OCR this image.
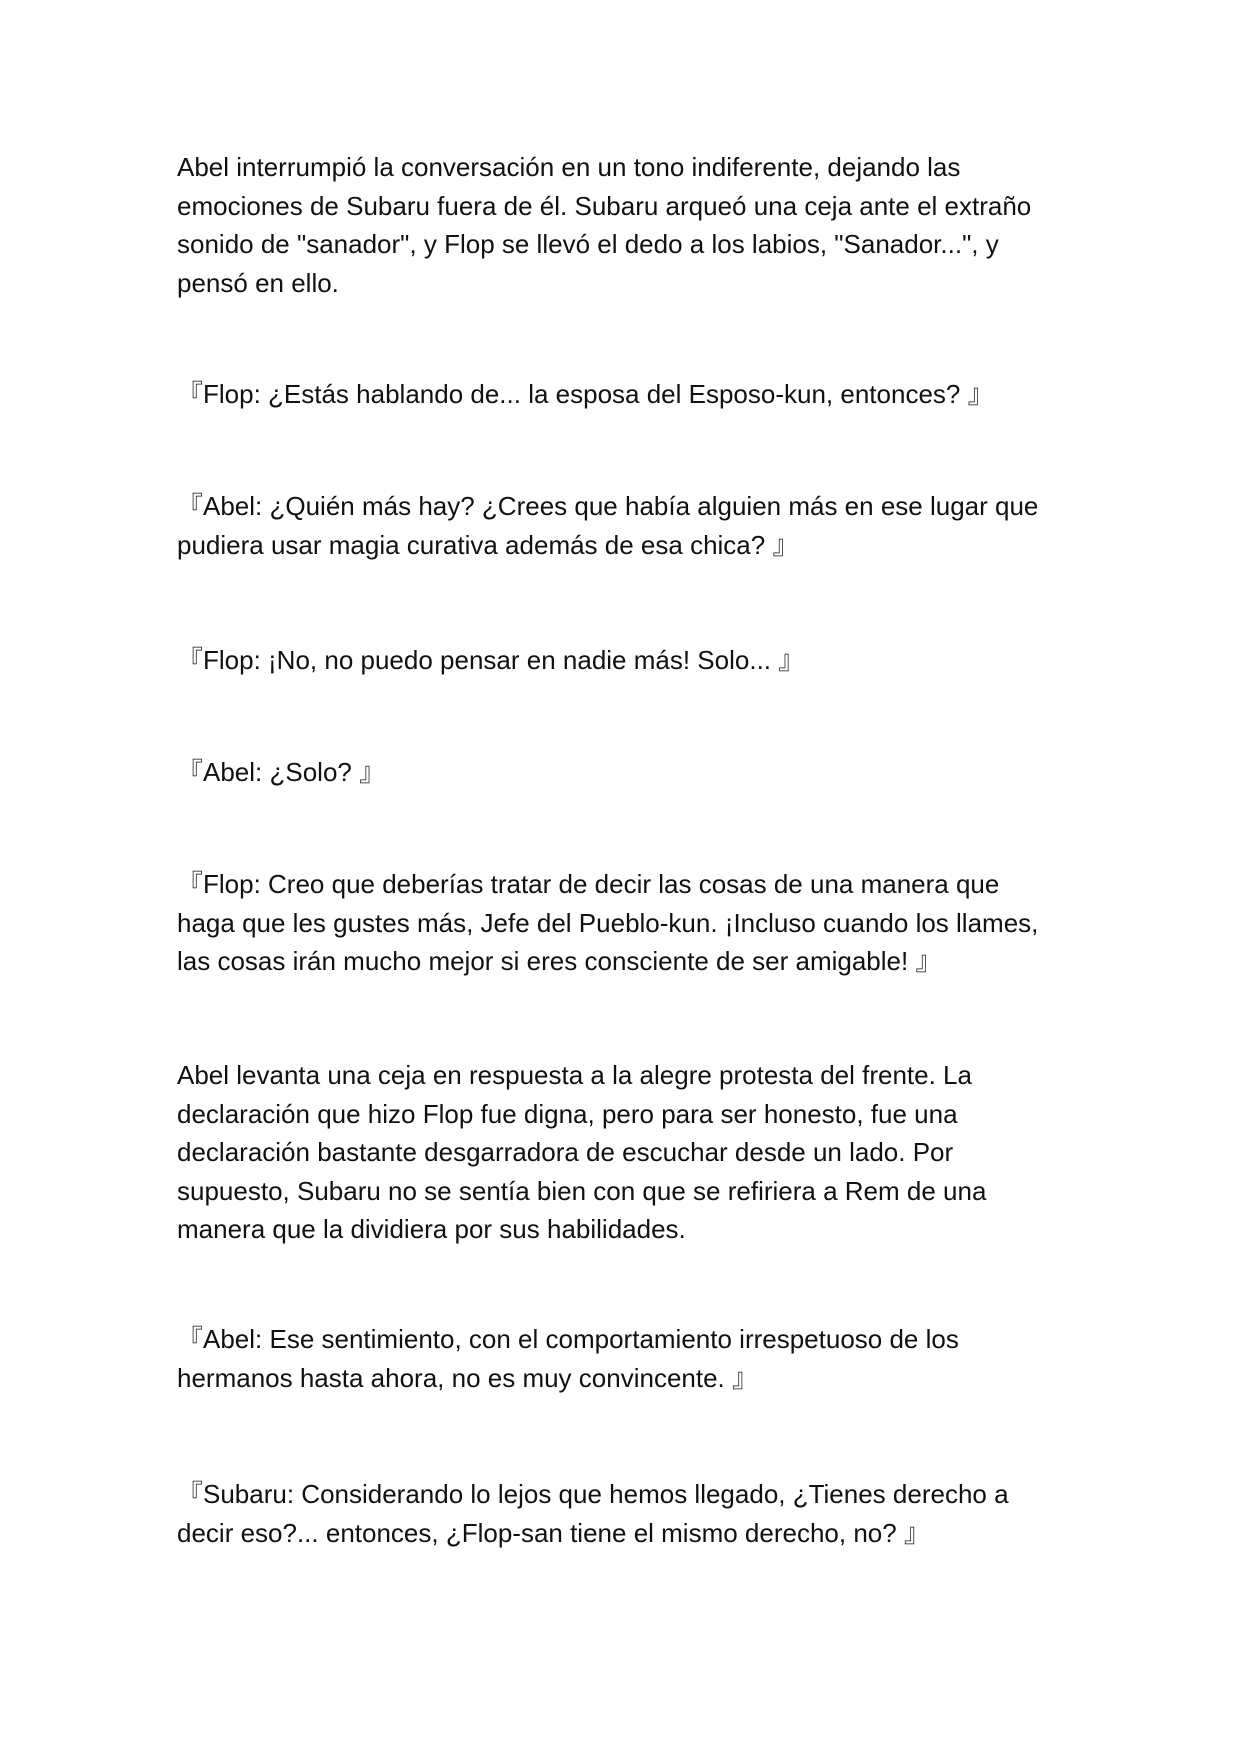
Abel interrumpió la conversación en un tono indiferente, dejando las
emociones de Subaru fuera de él. Subaru arqueó una ceja ante el extraño
sonido de "sanador", y Flop se llevó el dedo a los labios, "Sanador...", y
pensó en ello.

『Flop: ¿Estás hablando de... la esposa del Esposo-kun, entonces? 』

『Abel: ¿Quién más hay? ¿Crees que había alguien más en ese lugar que
pudiera usar magia curativa además de esa chica? 』

『Flop: ¡No, no puedo pensar en nadie más! Solo... 』

『Abel: ¿Solo? 』

『Flop: Creo que deberías tratar de decir las cosas de una manera que
haga que les gustes más, Jefe del Pueblo-kun. ¡Incluso cuando los llames,
las cosas irán mucho mejor si eres consciente de ser amigable! 』

Abel levanta una ceja en respuesta a la alegre protesta del frente. La
declaración que hizo Flop fue digna, pero para ser honesto, fue una
declaración bastante desgarradora de escuchar desde un lado. Por
supuesto, Subaru no se sentía bien con que se refiriera a Rem de una
manera que la dividiera por sus habilidades.

『Abel: Ese sentimiento, con el comportamiento irrespetuoso de los
hermanos hasta ahora, no es muy convincente. 』

『Subaru: Considerando lo lejos que hemos llegado, ¿Tienes derecho a
decir eso?... entonces, ¿Flop-san tiene el mismo derecho, no? 』
